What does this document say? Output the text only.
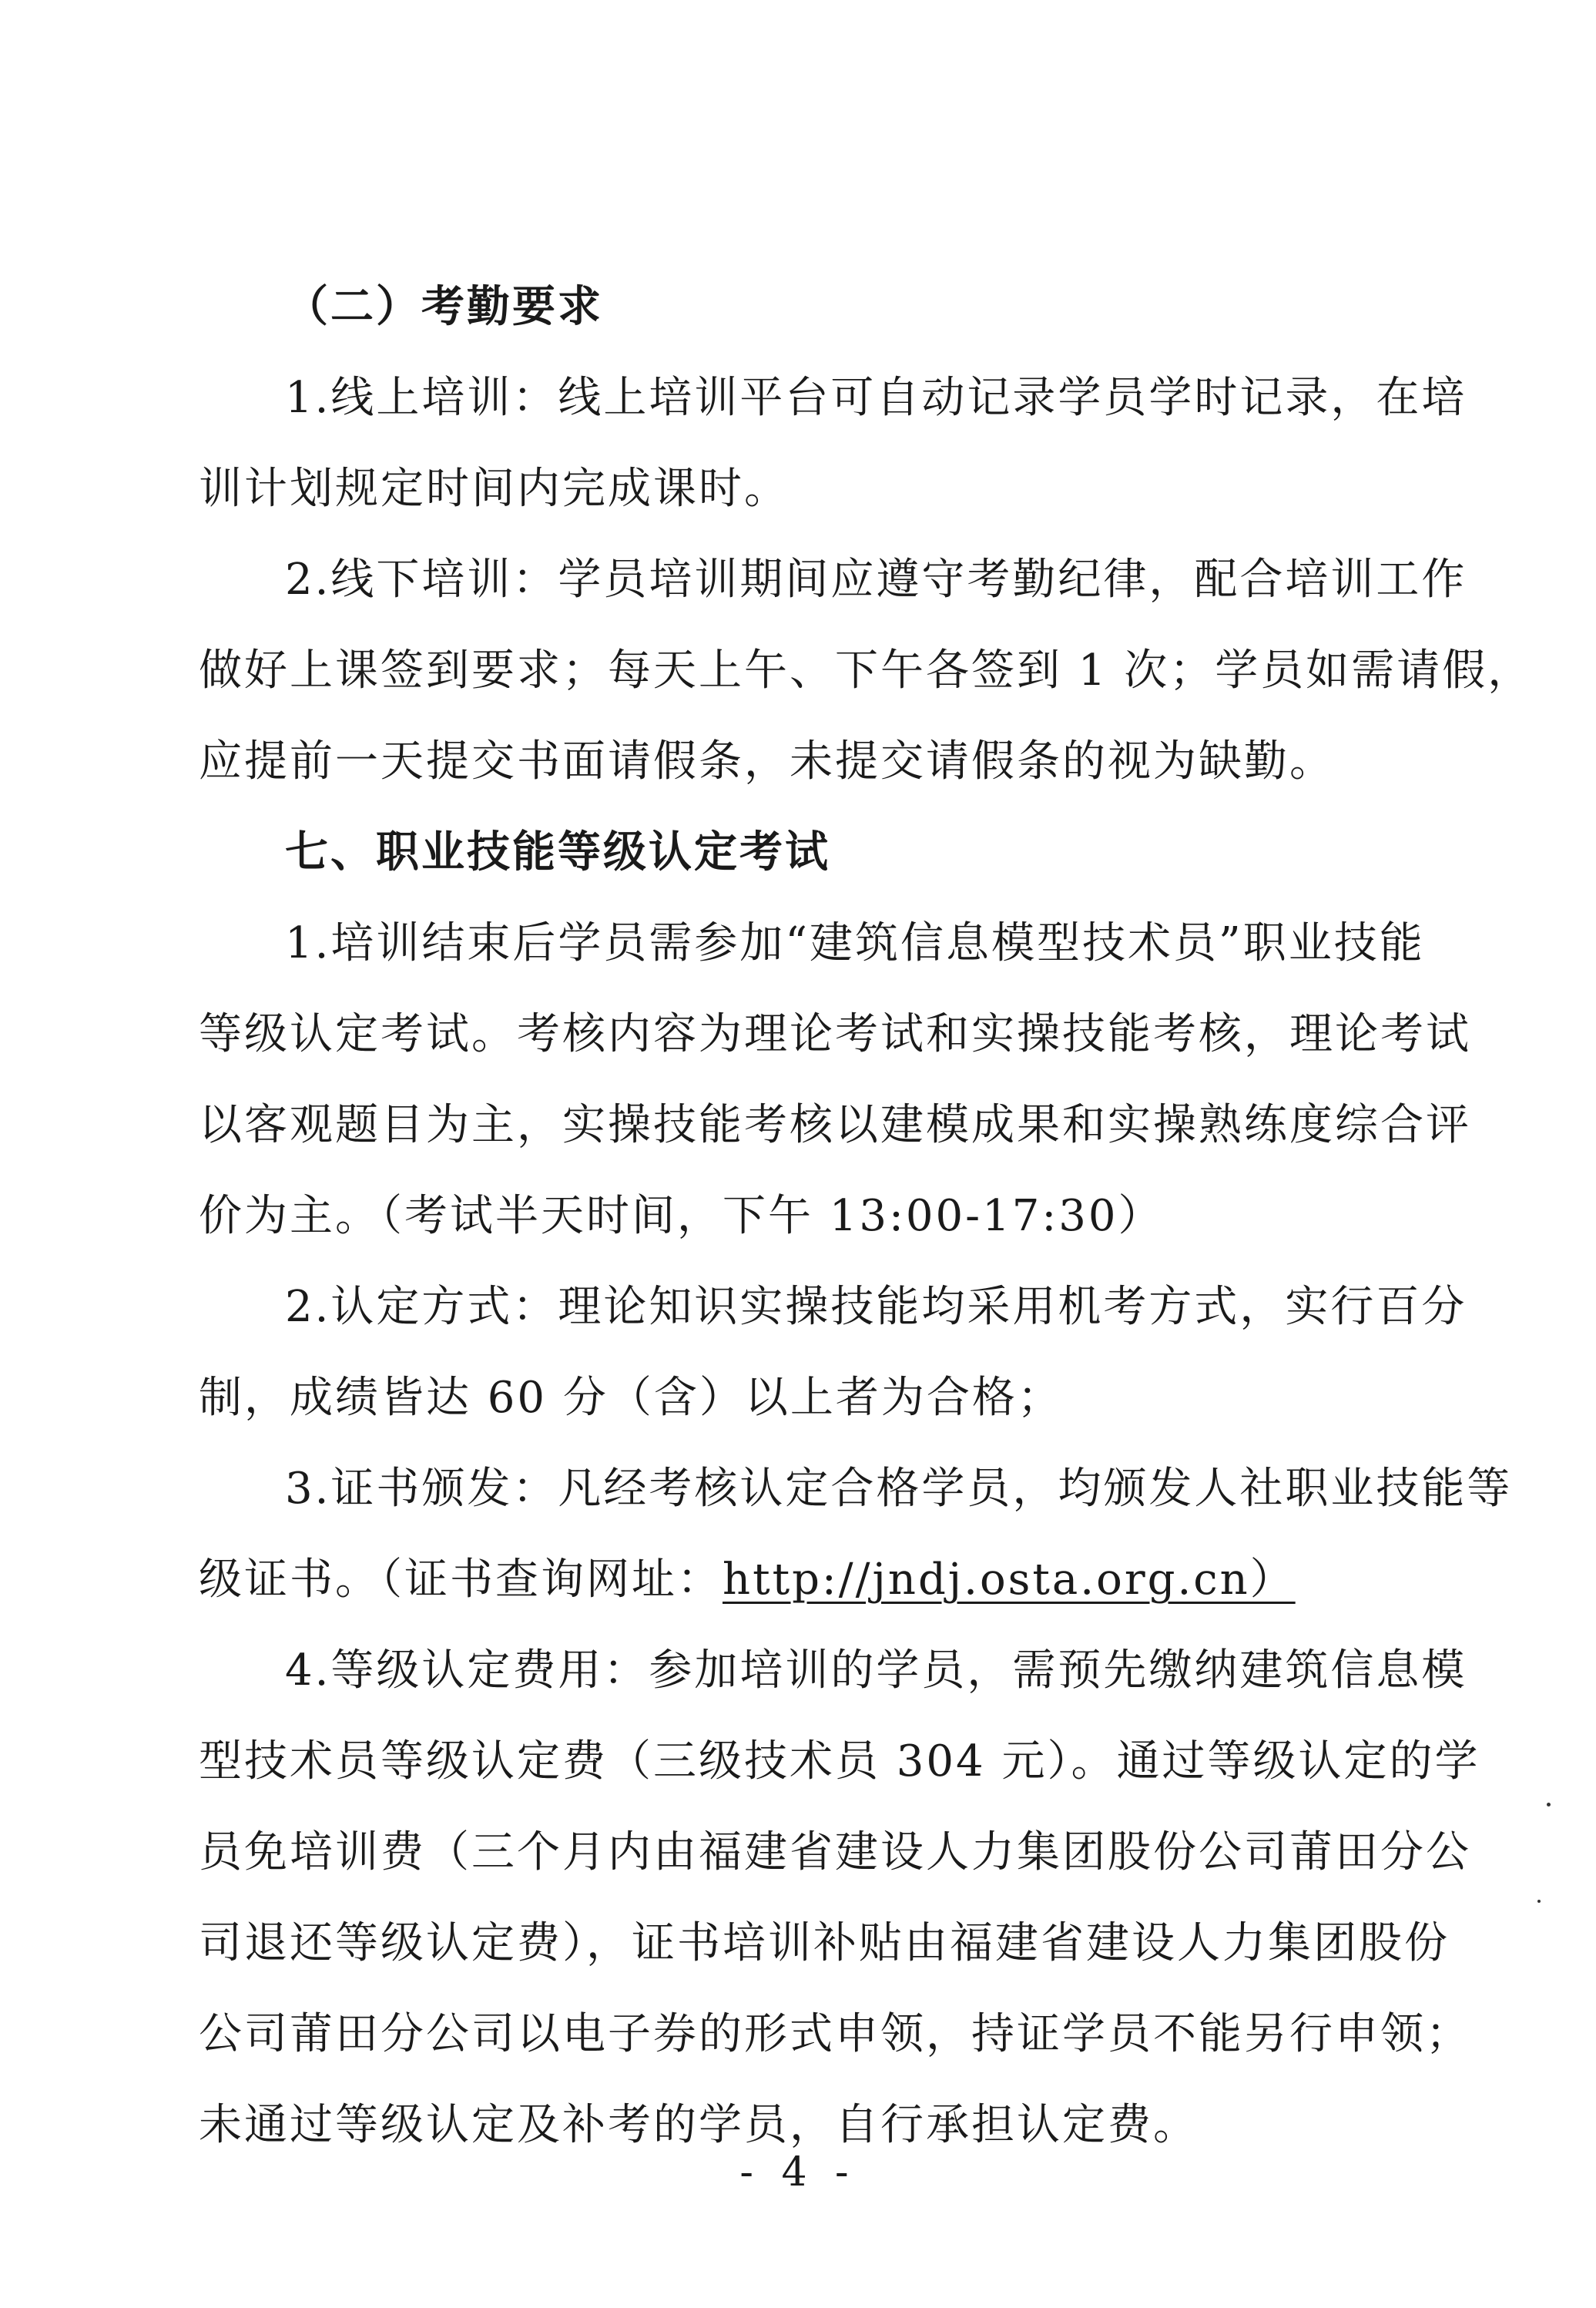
（二）考勤要求
1.线上培训：线上培训平台可自动记录学员学时记录，在培
训计划规定时间内完成课时。
2.线下培训：学员培训期间应遵守考勤纪律，配合培训工作
做好上课签到要求；每天上午、下午各签到 1 次；学员如需请假，
应提前一天提交书面请假条，未提交请假条的视为缺勤。
七、职业技能等级认定考试
1.培训结束后学员需参加“建筑信息模型技术员”职业技能
等级认定考试。考核内容为理论考试和实操技能考核，理论考试
以客观题目为主，实操技能考核以建模成果和实操熟练度综合评
价为主。（考试半天时间，下午 13:00-17:30）
2.认定方式：理论知识实操技能均采用机考方式，实行百分
制，成绩皆达 60 分（含）以上者为合格；
3.证书颁发：凡经考核认定合格学员，均颁发人社职业技能等
级证书。（证书查询网址：http://jndj.osta.org.cn）
4.等级认定费用：参加培训的学员，需预先缴纳建筑信息模
型技术员等级认定费（三级技术员 304 元）。通过等级认定的学
员免培训费（三个月内由福建省建设人力集团股份公司莆田分公
司退还等级认定费），证书培训补贴由福建省建设人力集团股份
公司莆田分公司以电子券的形式申领，持证学员不能另行申领；
未通过等级认定及补考的学员，自行承担认定费。
- 4 -
